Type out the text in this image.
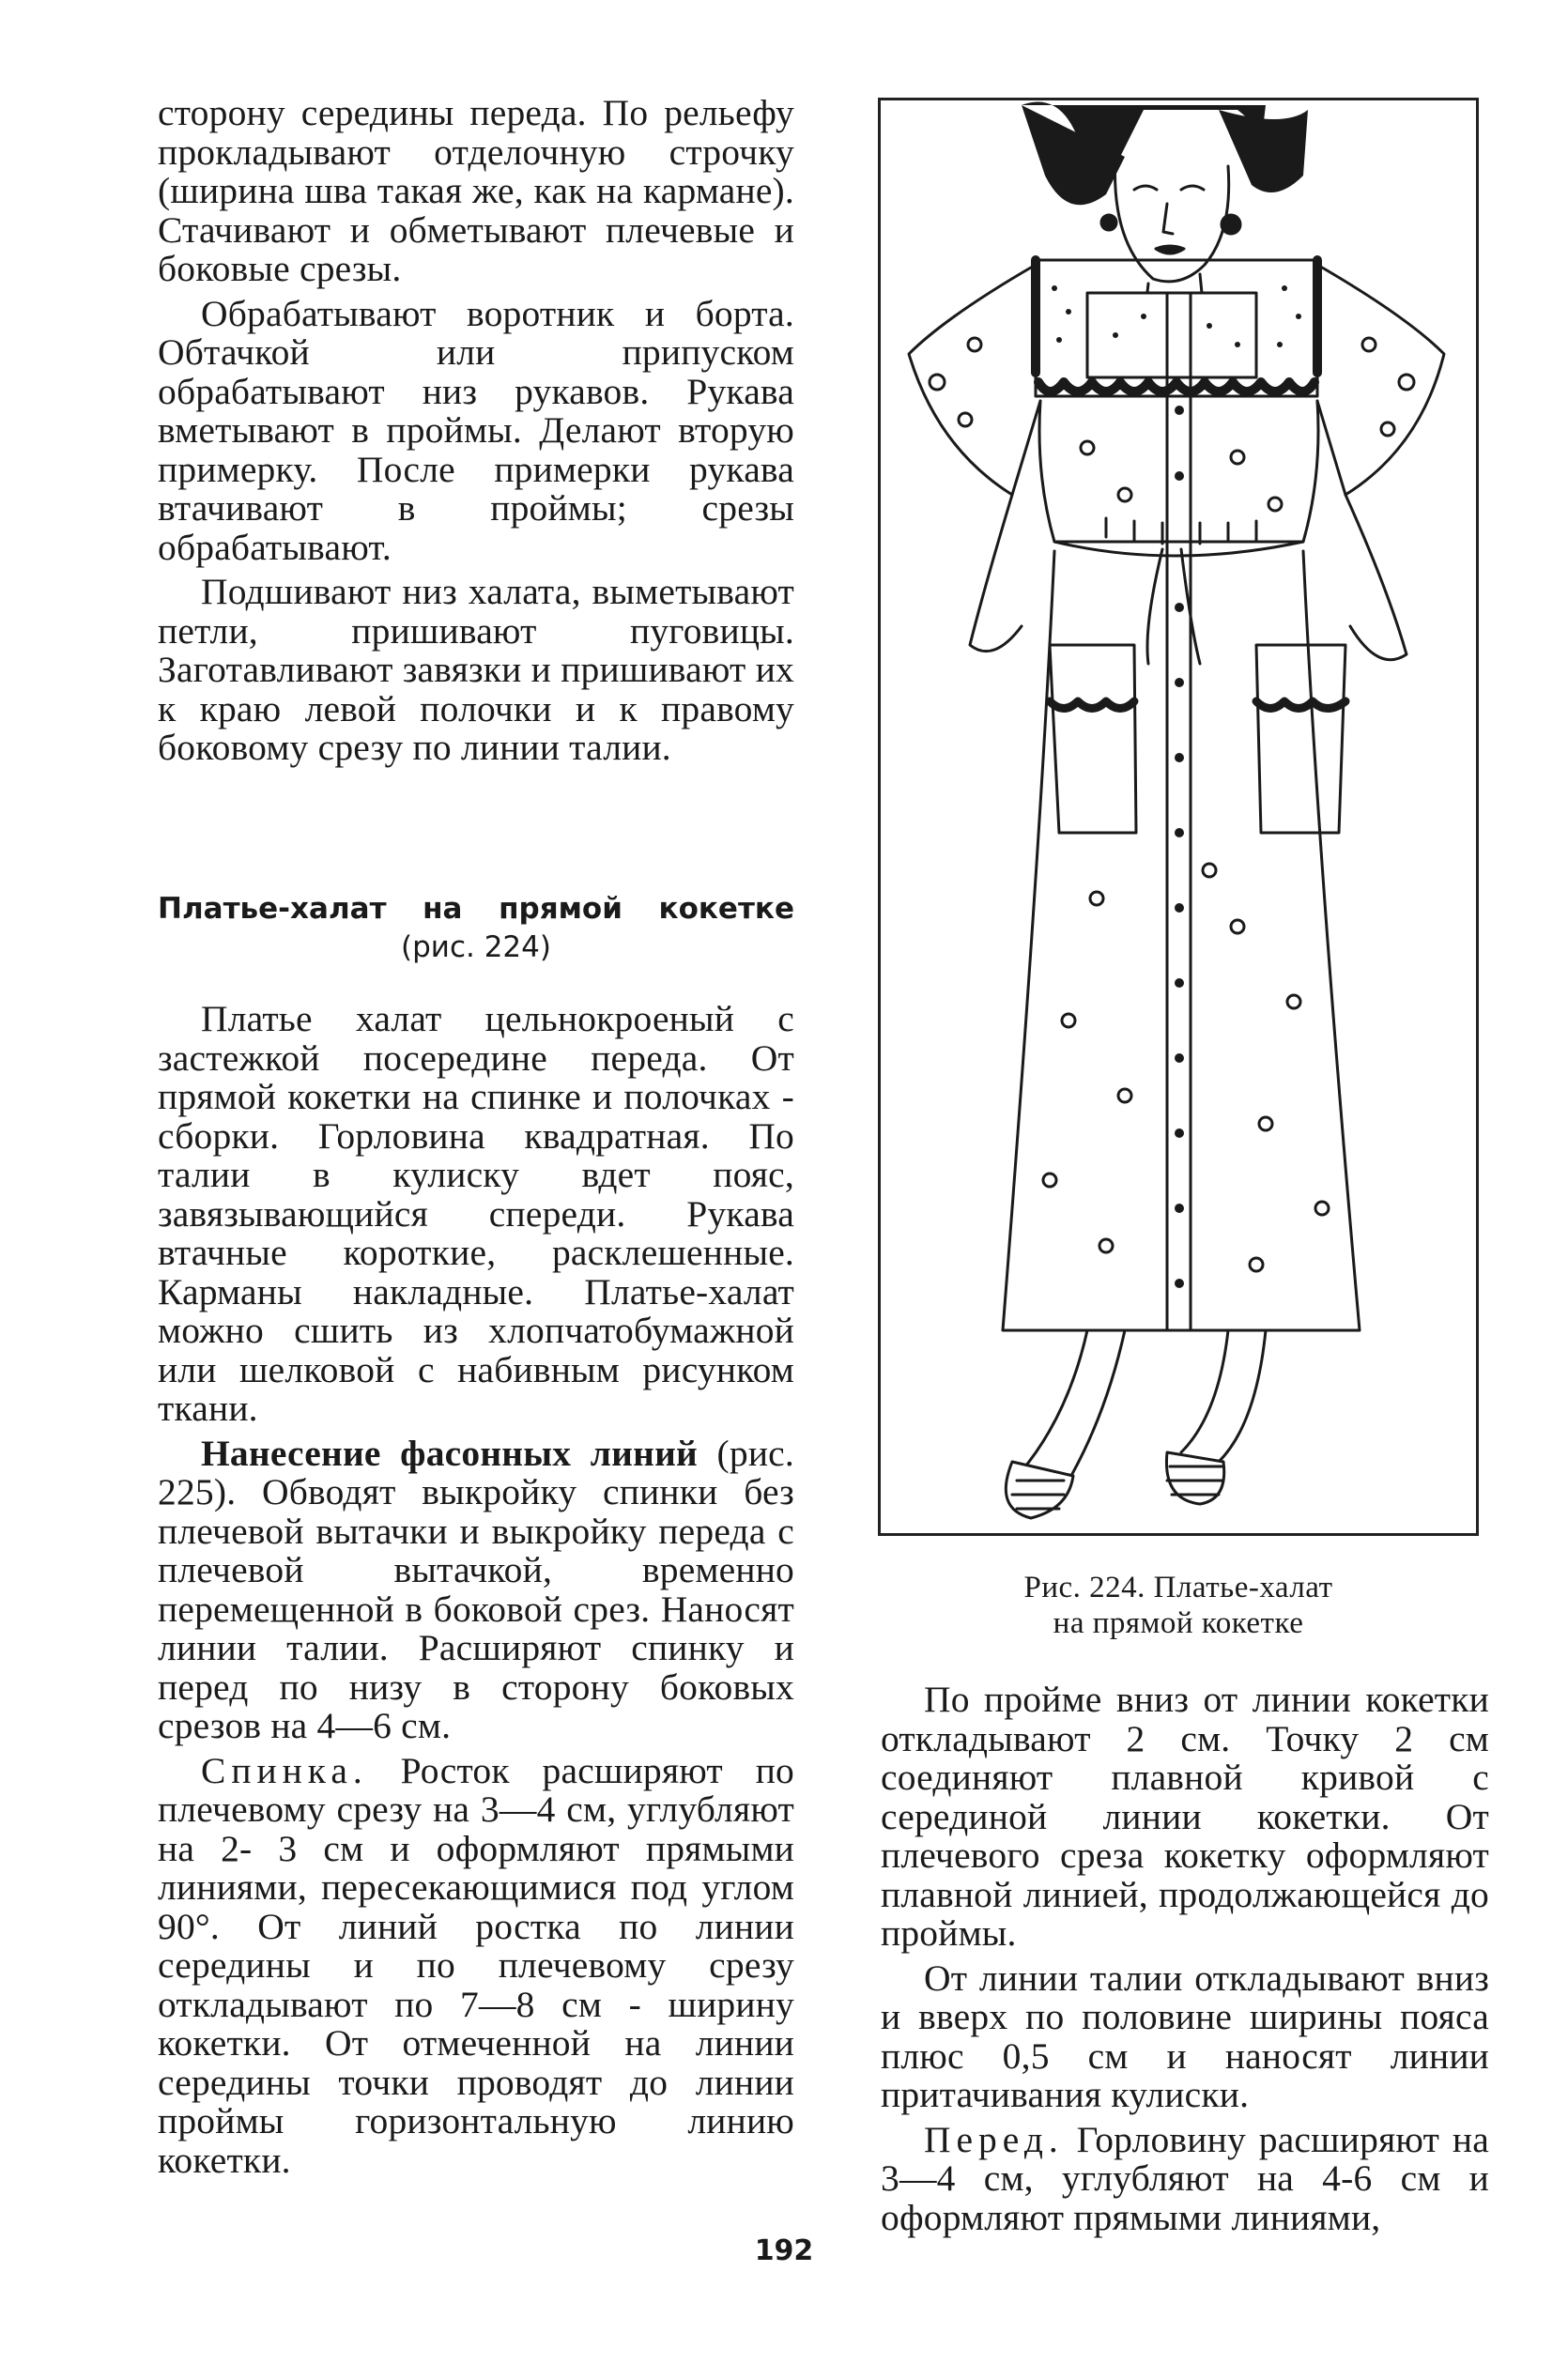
сторону середины переда. По рельефу прокладывают отделочную строчку (ширина шва такая же, как на кармане). Стачивают и обметывают плечевые и боковые срезы.

Обрабатывают воротник и борта. Обтачкой или припуском обрабатывают низ рукавов. Рукава вметывают в проймы. Делают вторую примерку. После примерки рукава втачивают в проймы; срезы обрабатывают.

Подшивают низ халата, выметывают петли, пришивают пуговицы. Заготавливают завязки и пришивают их к краю левой полочки и к правому боковому срезу по линии талии.

Платье-халат на прямой кокетке
(рис. 224)

Платье халат цельнокроеный с застежкой посередине переда. От прямой кокетки на спинке и полочках - сборки. Горловина квадратная. По талии в кулиску вдет пояс, завязывающийся спереди. Рукава втачные короткие, расклешенные. Карманы накладные. Платье-халат можно сшить из хлопчатобумажной или шелковой с набивным рисунком ткани.

Нанесение фасонных линий (рис. 225). Обводят выкройку спинки без плечевой вытачки и выкройку переда с плечевой вытачкой, временно перемещенной в боковой срез. Наносят линии талии. Расширяют спинку и перед по низу в сторону боковых срезов на 4—6 см.

Спинка. Росток расширяют по плечевому срезу на 3—4 см, углубляют на 2- 3 см и оформляют прямыми линиями, пересекающимися под углом 90°. От линий ростка по линии середины и по плечевому срезу откладывают по 7—8 см - ширину кокетки. От отмеченной на линии середины точки проводят до линии проймы горизонтальную линию кокетки.

Рис. 224. Платье-халат
на прямой кокетке

По пройме вниз от линии кокетки откладывают 2 см. Точку 2 см соединяют плавной кривой с серединой линии кокетки. От плечевого среза кокетку оформляют плавной линией, продолжающейся до проймы.

От линии талии откладывают вниз и вверх по половине ширины пояса плюс 0,5 см и наносят линии притачивания кулиски.

Перед. Горловину расширяют на 3—4 см, углубляют на 4-6 см и оформляют прямыми линиями,

192
